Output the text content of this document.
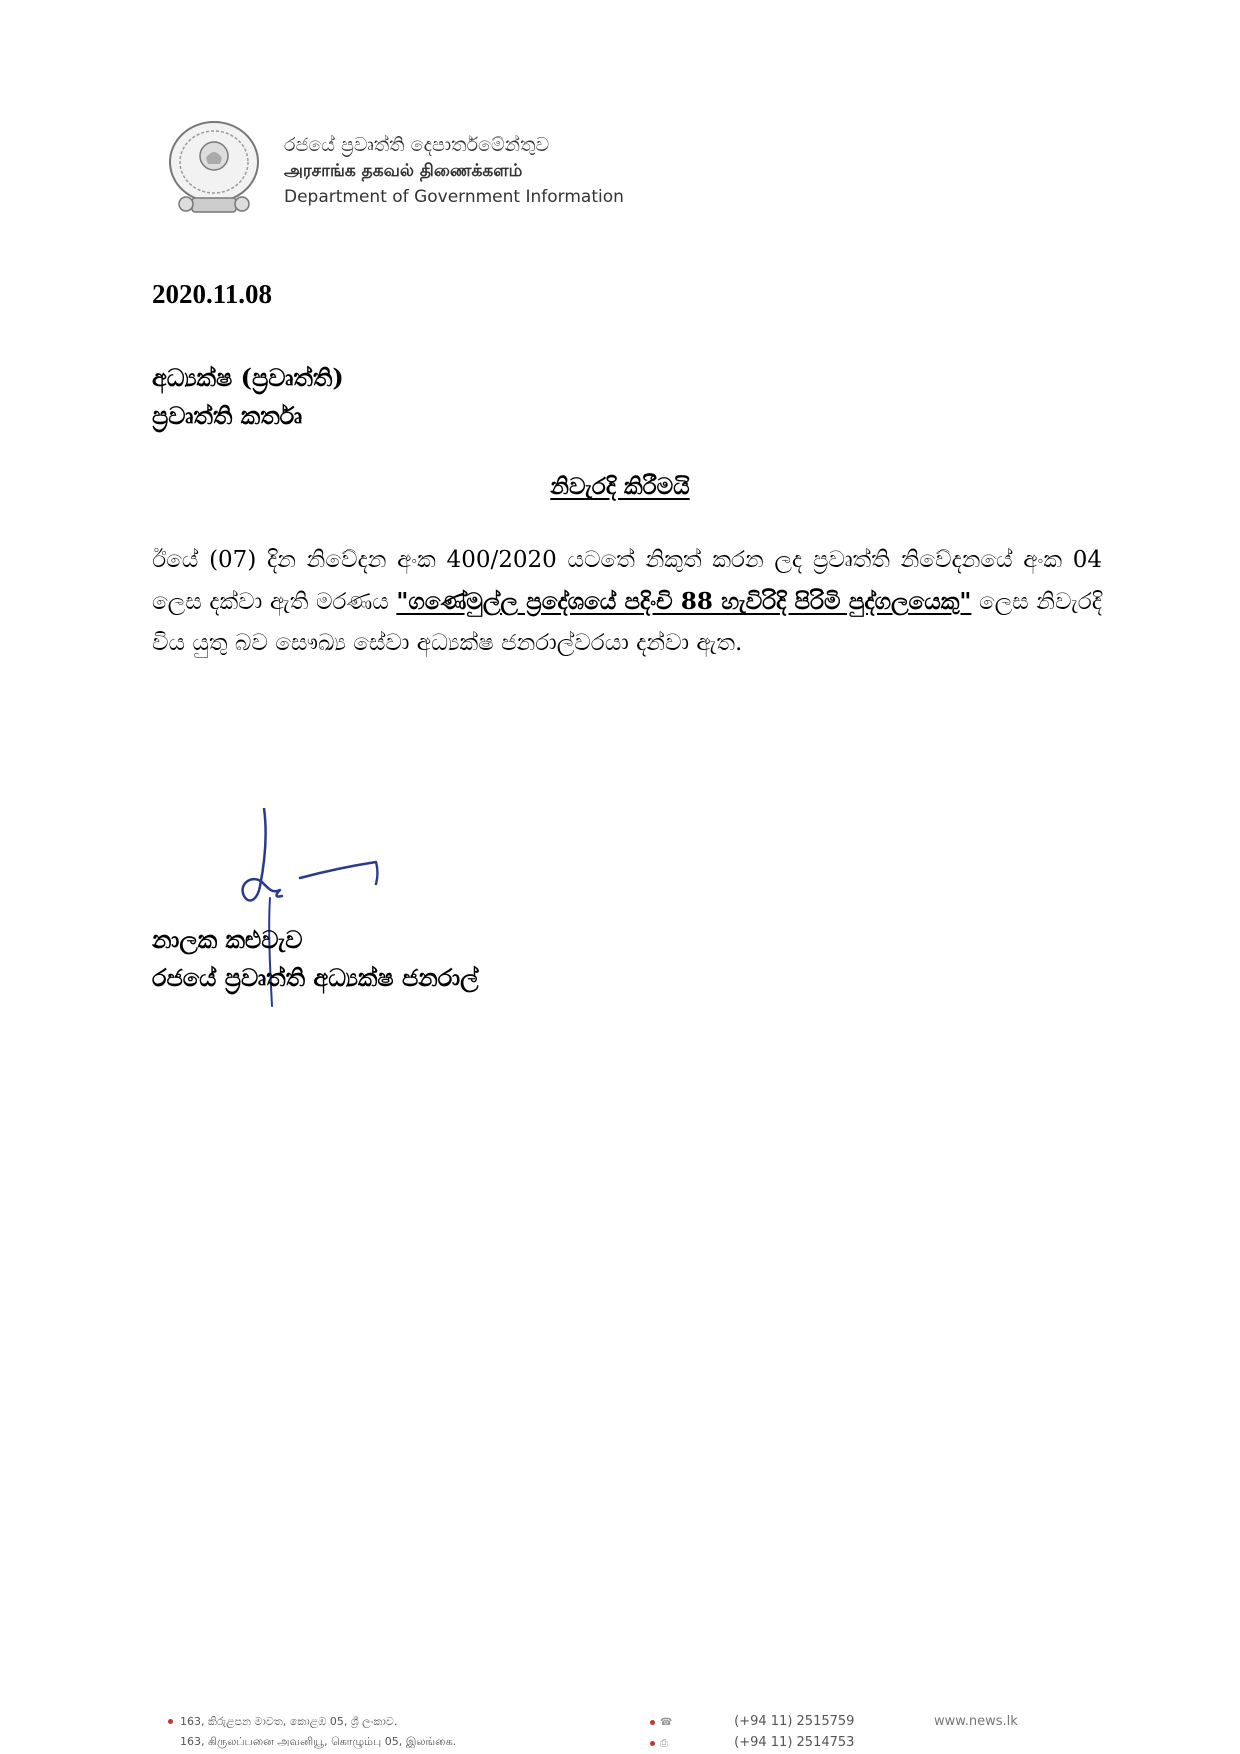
රජයේ ප්‍රවෘත්ති දෙපාර්තමේන්තුව
அரசாங்க தகவல் திணைக்களம்
Department of Government Information
2020.11.08
අධ්‍යක්ෂ (ප්‍රවෘත්ති)
ප්‍රවෘත්ති කර්තෘ
නිවැරදි කිරීමයි
ඊයේ (07) දින නිවේදන අංක 400/2020 යටතේ නිකුත් කරන ලද ප්‍රවෘත්ති නිවේදනයේ අංක 04 ලෙස දක්වා ඇති මරණය "ගණේමුල්ල ප්‍රදේශයේ පදිංචි 88 හැවිරිදි පිරිමි පුද්ගලයෙකු" ලෙස නිවැරදි විය යුතු බව සෞඛ්‍ය සේවා අධ්‍යක්ෂ ජනරාල්වරයා දන්වා ඇත.
නාලක කළුවැව
රජයේ ප්‍රවෘත්ති අධ්‍යක්ෂ ජනරාල්
163, කිරුළපන මාවත, කොළඹ 05, ශ්‍රී ලංකාව.
163, கிருலப்பனை அவனியூ, கொழும்பு 05, இலங்கை.
☎	(+94 11) 2515759
⎙	(+94 11) 2514753
www.news.lk
